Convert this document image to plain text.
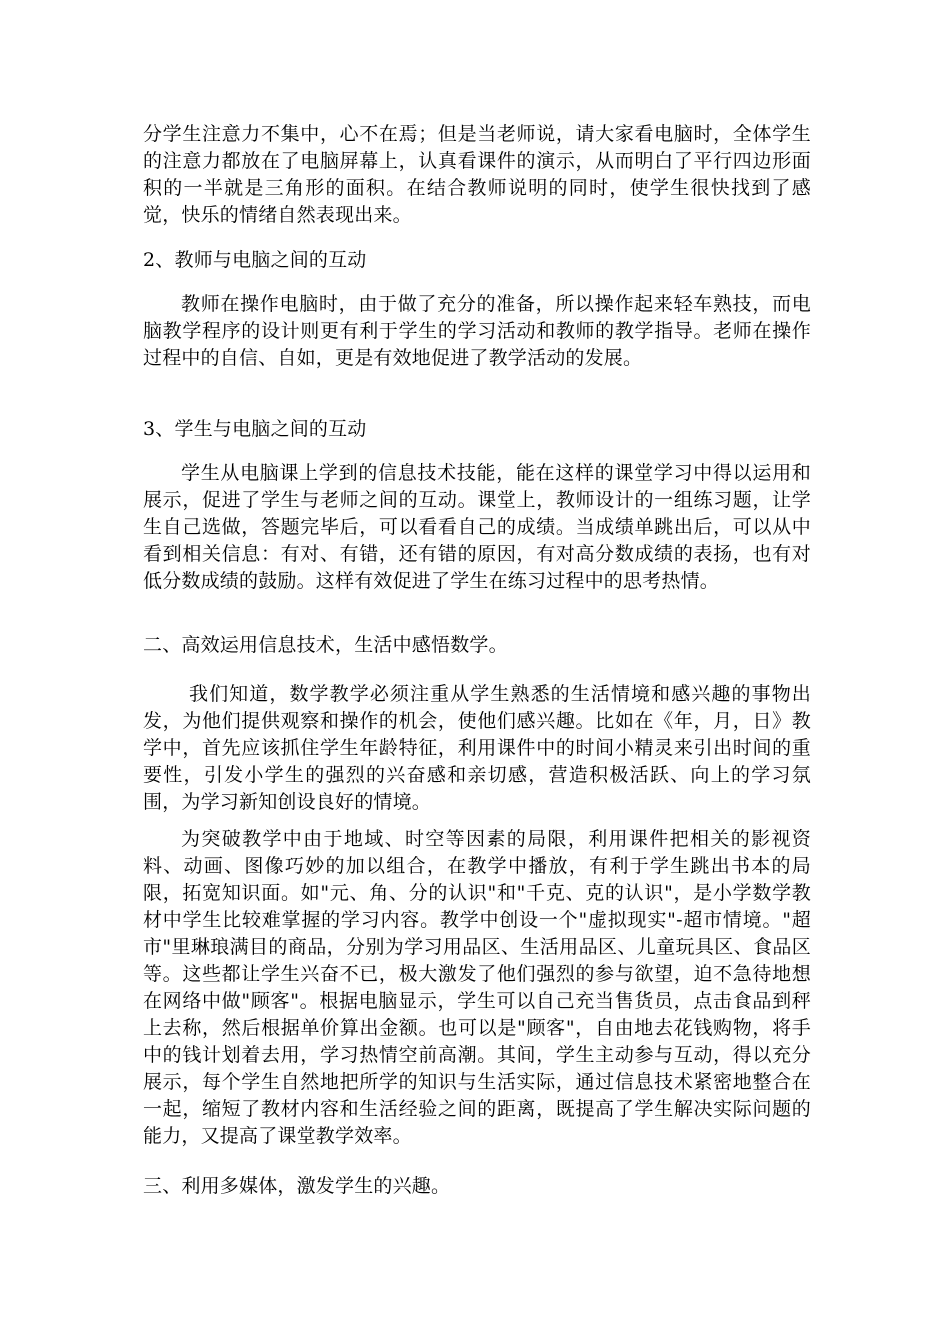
分学生注意力不集中，心不在焉；但是当老师说，请大家看电脑时，全体学生的注意力都放在了电脑屏幕上，认真看课件的演示，从而明白了平行四边形面积的一半就是三角形的面积。在结合教师说明的同时，使学生很快找到了感觉，快乐的情绪自然表现出来。

2、教师与电脑之间的互动

教师在操作电脑时，由于做了充分的准备，所以操作起来轻车熟技，而电脑教学程序的设计则更有利于学生的学习活动和教师的教学指导。老师在操作过程中的自信、自如，更是有效地促进了教学活动的发展。

3、学生与电脑之间的互动

学生从电脑课上学到的信息技术技能，能在这样的课堂学习中得以运用和展示，促进了学生与老师之间的互动。课堂上，教师设计的一组练习题，让学生自己选做，答题完毕后，可以看看自己的成绩。当成绩单跳出后，可以从中看到相关信息：有对、有错，还有错的原因，有对高分数成绩的表扬，也有对低分数成绩的鼓励。这样有效促进了学生在练习过程中的思考热情。

二、高效运用信息技术，生活中感悟数学。

我们知道，数学教学必须注重从学生熟悉的生活情境和感兴趣的事物出发，为他们提供观察和操作的机会，使他们感兴趣。比如在《年，月，日》教学中，首先应该抓住学生年龄特征，利用课件中的时间小精灵来引出时间的重要性，引发小学生的强烈的兴奋感和亲切感，营造积极活跃、向上的学习氛围，为学习新知创设良好的情境。

为突破教学中由于地域、时空等因素的局限，利用课件把相关的影视资料、动画、图像巧妙的加以组合，在教学中播放，有利于学生跳出书本的局限，拓宽知识面。如"元、角、分的认识"和"千克、克的认识"，是小学数学教材中学生比较难掌握的学习内容。教学中创设一个"虚拟现实"-超市情境。"超市"里琳琅满目的商品，分别为学习用品区、生活用品区、儿童玩具区、食品区等。这些都让学生兴奋不已，极大激发了他们强烈的参与欲望，迫不急待地想在网络中做"顾客"。根据电脑显示，学生可以自己充当售货员，点击食品到秤上去称，然后根据单价算出金额。也可以是"顾客"，自由地去花钱购物，将手中的钱计划着去用，学习热情空前高潮。其间，学生主动参与互动，得以充分展示，每个学生自然地把所学的知识与生活实际，通过信息技术紧密地整合在一起，缩短了教材内容和生活经验之间的距离，既提高了学生解决实际问题的能力，又提高了课堂教学效率。

三、利用多媒体，激发学生的兴趣。
